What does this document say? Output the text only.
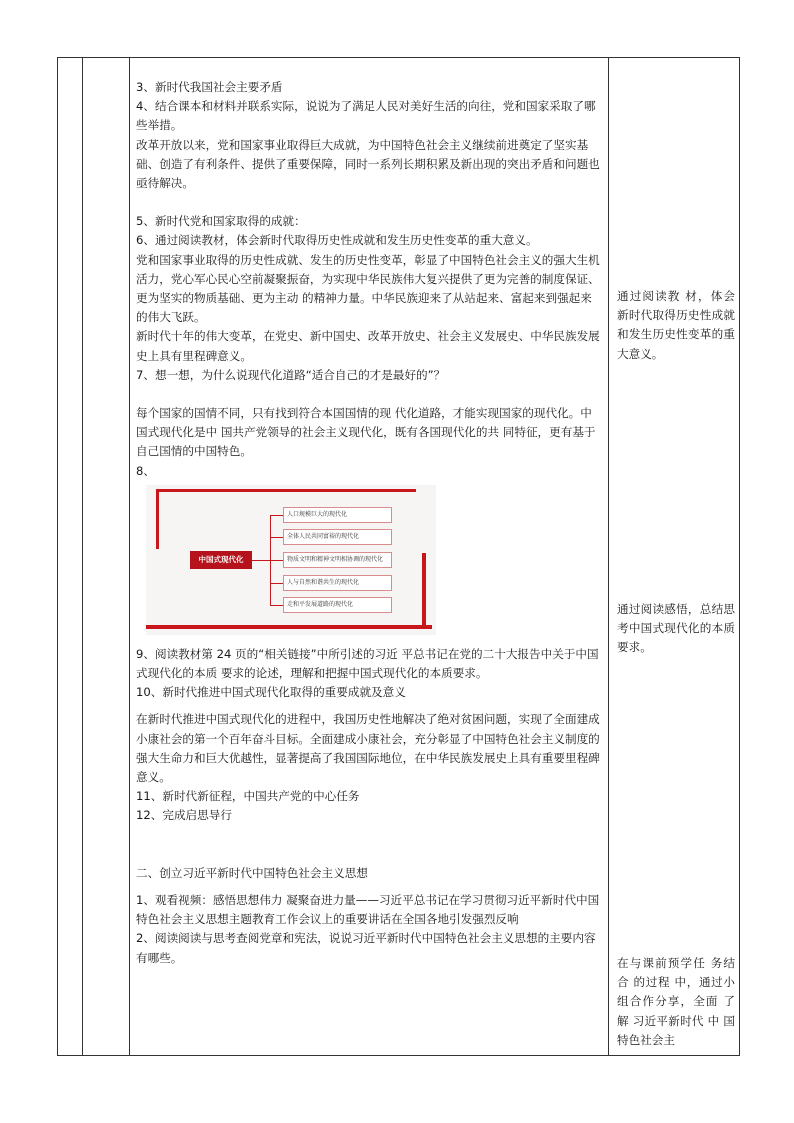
3、新时代我国社会主要矛盾

4、结合课本和材料并联系实际，说说为了满足人民对美好生活的向往，党和国家采取了哪些举措。

改革开放以来，党和国家事业取得巨大成就，为中国特色社会主义继续前进奠定了坚实基础、创造了有利条件、提供了重要保障，同时一系列长期积累及新出现的突出矛盾和问题也亟待解决。

5、新时代党和国家取得的成就：

6、通过阅读教材，体会新时代取得历史性成就和发生历史性变革的重大意义。

党和国家事业取得的历史性成就、发生的历史性变革，彰显了中国特色社会主义的强大生机活力，党心军心民心空前凝聚振奋，为实现中华民族伟大复兴提供了更为完善的制度保证、更为坚实的物质基础、更为主动 的精神力量。中华民族迎来了从站起来、富起来到强起来的伟大飞跃。

新时代十年的伟大变革，在党史、新中国史、改革开放史、社会主义发展史、中华民族发展史上具有里程碑意义。

7、想一想，为什么说现代化道路“适合自己的才是最好的”？

每个国家的国情不同，只有找到符合本国国情的现 代化道路，才能实现国家的现代化。中国式现代化是中 国共产党领导的社会主义现代化，既有各国现代化的共 同特征，更有基于自己国情的中国特色。

8、

中国式现代化
人口规模巨大的现代化
全体人民共同富裕的现代化
物质文明和精神文明相协调的现代化
人与自然和谐共生的现代化
走和平发展道路的现代化

9、阅读教材第 24 页的“相关链接”中所引述的习近 平总书记在党的二十大报告中关于中国式现代化的本质 要求的论述，理解和把握中国式现代化的本质要求。

10、新时代推进中国式现代化取得的重要成就及意义

在新时代推进中国式现代化的进程中，我国历史性地解决了绝对贫困问题，实现了全面建成小康社会的第一个百年奋斗目标。全面建成小康社会，充分彰显了中国特色社会主义制度的强大生命力和巨大优越性，显著提高了我国国际地位，在中华民族发展史上具有重要里程碑意义。

11、新时代新征程，中国共产党的中心任务

12、完成启思导行

二、创立习近平新时代中国特色社会主义思想

1、观看视频：感悟思想伟力 凝聚奋进力量——习近平总书记在学习贯彻习近平新时代中国特色社会主义思想主题教育工作会议上的重要讲话在全国各地引发强烈反响

2、阅读阅读与思考查阅党章和宪法，说说习近平新时代中国特色社会主义思想的主要内容有哪些。

通过阅读教 材，体会新时代取得历史性成就和发生历史性变革的重大意义。

通过阅读感悟，总结思考中国式现代化的本质要求。

在与课前预学任 务结合 的过程 中，通过小组合作分享，全面 了解 习近平新时代 中 国特色社会主
